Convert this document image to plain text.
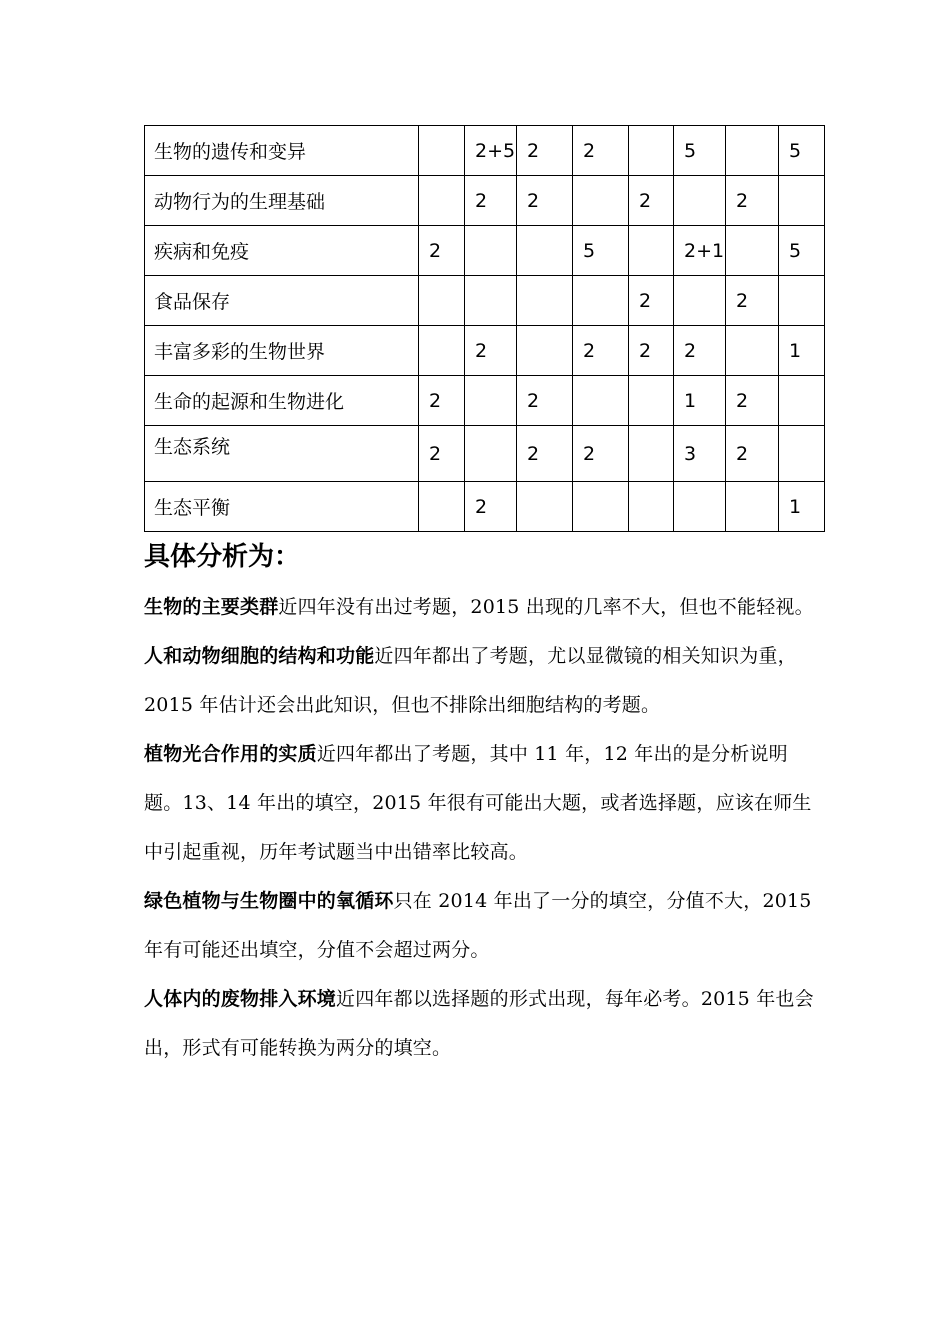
生物的遗传和变异		2+5	2	2		5		5
动物行为的生理基础		2	2		2		2	
疾病和免疫	2			5		2+1		5
食品保存					2		2	
丰富多彩的生物世界		2		2	2	2		1
生命的起源和生物进化	2		2			1	2	
生态系统	2		2	2		3	2	
生态平衡		2						1
具体分析为：

生物的主要类群近四年没有出过考题，2015 出现的几率不大，但也不能轻视。

人和动物细胞的结构和功能近四年都出了考题，尤以显微镜的相关知识为重，2015 年估计还会出此知识，但也不排除出细胞结构的考题。

植物光合作用的实质近四年都出了考题，其中 11 年，12 年出的是分析说明题。13、14 年出的填空，2015 年很有可能出大题，或者选择题，应该在师生中引起重视，历年考试题当中出错率比较高。

绿色植物与生物圈中的氧循环只在 2014 年出了一分的填空，分值不大，2015 年有可能还出填空，分值不会超过两分。

人体内的废物排入环境近四年都以选择题的形式出现，每年必考。2015 年也会出，形式有可能转换为两分的填空。
